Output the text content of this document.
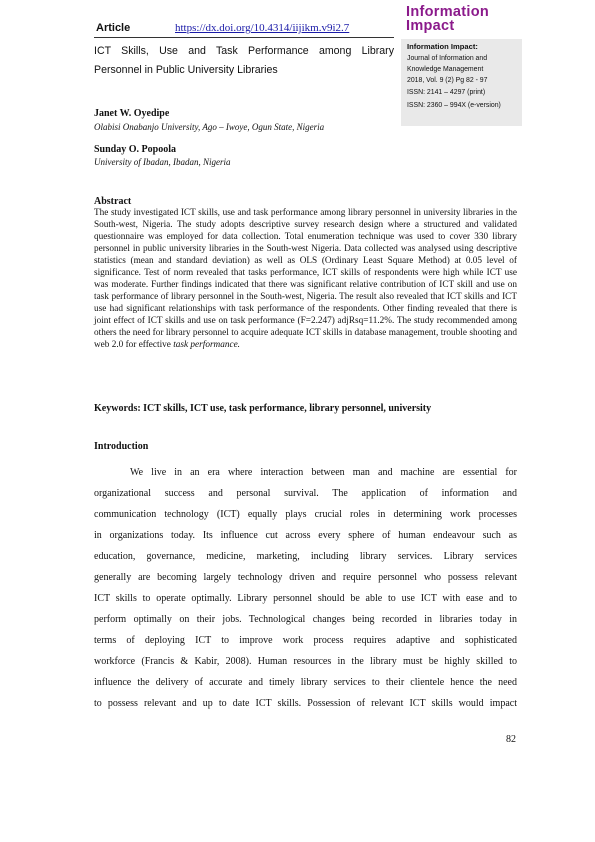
Article	https://dx.doi.org/10.4314/iijikm.v9i2.7
Information
Impact
Information Impact:
Journal of Information and
Knowledge Management
2018, Vol. 9 (2) Pg 82 - 97
ISSN: 2141 – 4297 (print)
ISSN: 2360 – 994X (e-version)
ICT Skills, Use and Task Performance among Library
Personnel in Public University Libraries
Janet W. Oyedipe
Olabisi Onabanjo University, Ago – Iwoye, Ogun State, Nigeria
Sunday O. Popoola
University of Ibadan, Ibadan, Nigeria
Abstract
The study investigated ICT skills, use and task performance among library personnel in university libraries in the South-west, Nigeria. The study adopts descriptive survey research design where a structured and validated questionnaire was employed for data collection. Total enumeration technique was used to cover 330 library personnel in public university libraries in the South-west Nigeria. Data collected was analysed using descriptive statistics (mean and standard deviation) as well as OLS (Ordinary Least Square Method) at 0.05 level of significance. Test of norm revealed that tasks performance, ICT skills of respondents were high while ICT use was moderate. Further findings indicated that there was significant relative contribution of ICT skill and use on task performance of library personnel in the South-west, Nigeria. The result also revealed that ICT skills and ICT use had significant relationships with task performance of the respondents. Other finding revealed that there is joint effect of ICT skills and use on task performance (F=2.247) adjRsq=11.2%. The study recommended among others the need for library personnel to acquire adequate ICT skills in database management, trouble shooting and web 2.0 for effective task performance.
Keywords: ICT skills, ICT use, task performance, library personnel, university
Introduction
We live in an era where interaction between man and machine are essential for
organizational success and personal survival. The application of information and
communication technology (ICT) equally plays crucial roles in determining work processes
in organizations today. Its influence cut across every sphere of human endeavour such as
education, governance, medicine, marketing, including library services. Library services
generally are becoming largely technology driven and require personnel who possess relevant
ICT skills to operate optimally. Library personnel should be able to use ICT with ease and to
perform optimally on their jobs. Technological changes being recorded in libraries today in
terms of deploying ICT to improve work process requires adaptive and sophisticated
workforce (Francis & Kabir, 2008). Human resources in the library must be highly skilled to
influence the delivery of accurate and timely library services to their clientele hence the need
to possess relevant and up to date ICT skills. Possession of relevant ICT skills would impact
82
